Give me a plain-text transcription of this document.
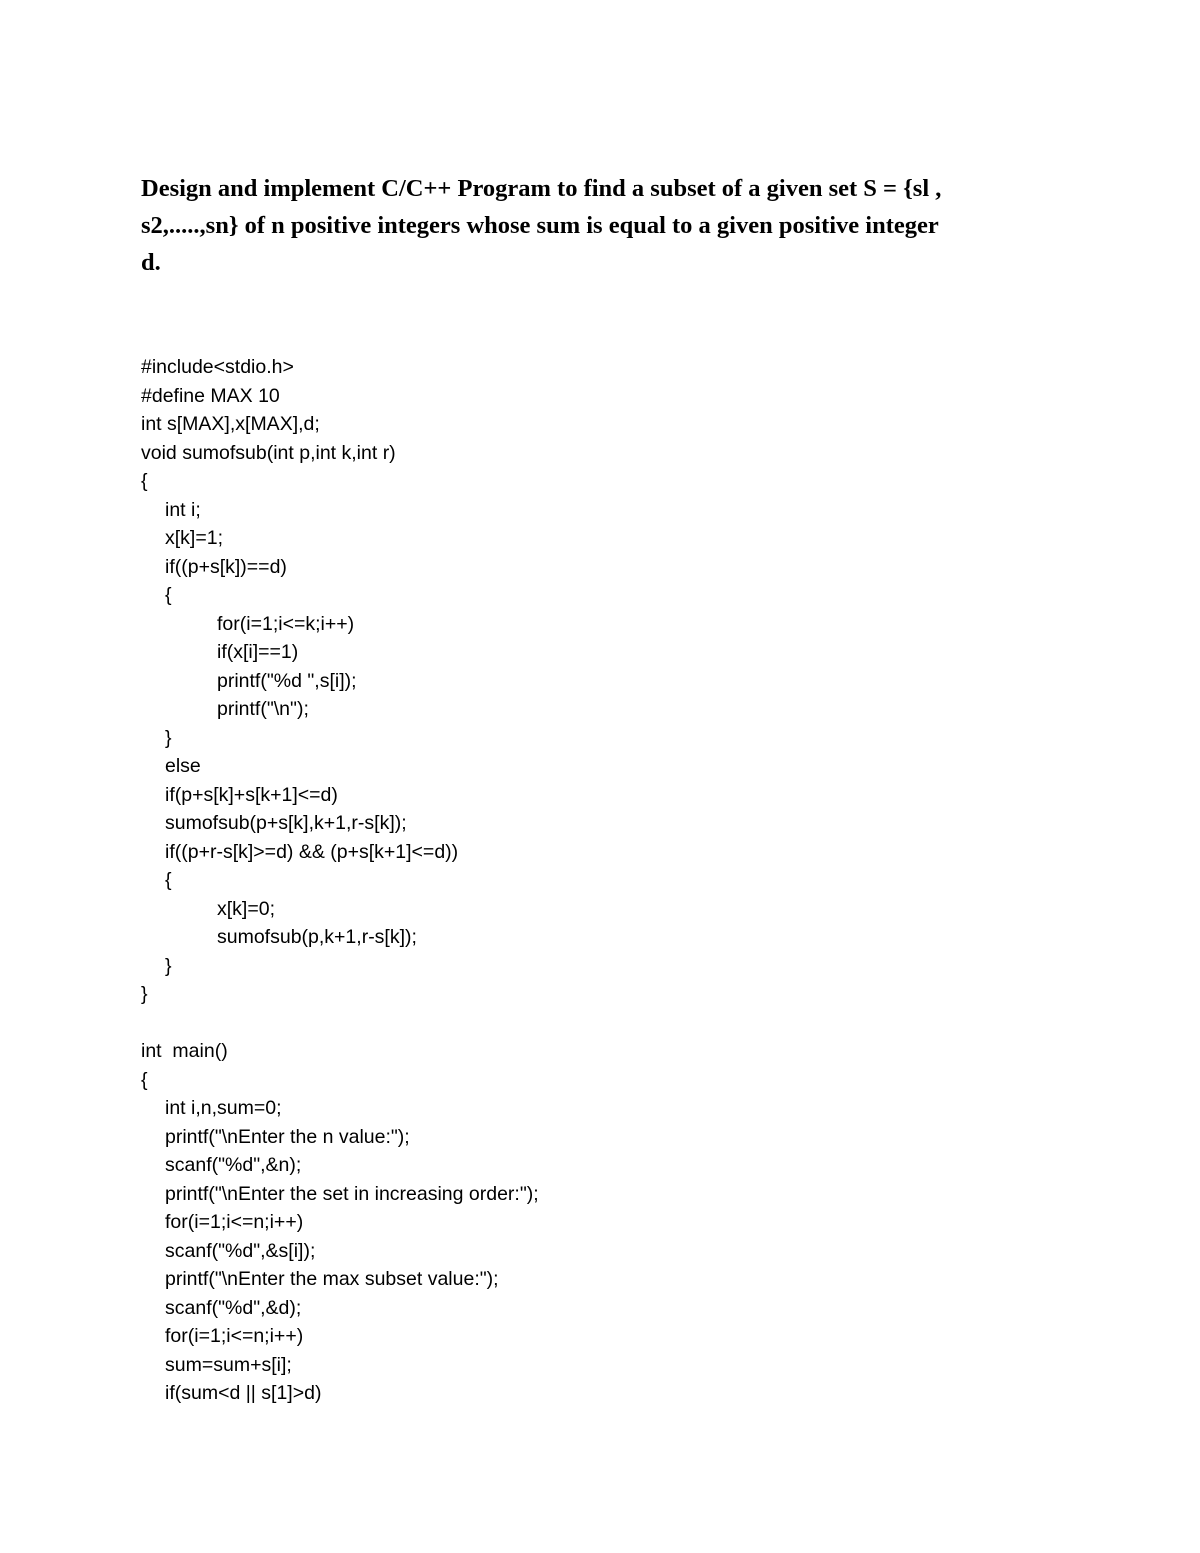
Design and implement C/C++ Program to find a subset of a given set S = {sl ,
s2,.....,sn} of n positive integers whose sum is equal to a given positive integer
d.
#include<stdio.h>
#define MAX 10
int s[MAX],x[MAX],d;
void sumofsub(int p,int k,int r)
{
int i;
x[k]=1;
if((p+s[k])==d)
{
for(i=1;i<=k;i++)
if(x[i]==1)
printf("%d ",s[i]);
printf("\n");
}
else
if(p+s[k]+s[k+1]<=d)
sumofsub(p+s[k],k+1,r-s[k]);
if((p+r-s[k]>=d) && (p+s[k+1]<=d))
{
x[k]=0;
sumofsub(p,k+1,r-s[k]);
}
}
int  main()
{
int i,n,sum=0;
printf("\nEnter the n value:");
scanf("%d",&n);
printf("\nEnter the set in increasing order:");
for(i=1;i<=n;i++)
scanf("%d",&s[i]);
printf("\nEnter the max subset value:");
scanf("%d",&d);
for(i=1;i<=n;i++)
sum=sum+s[i];
if(sum<d || s[1]>d)
